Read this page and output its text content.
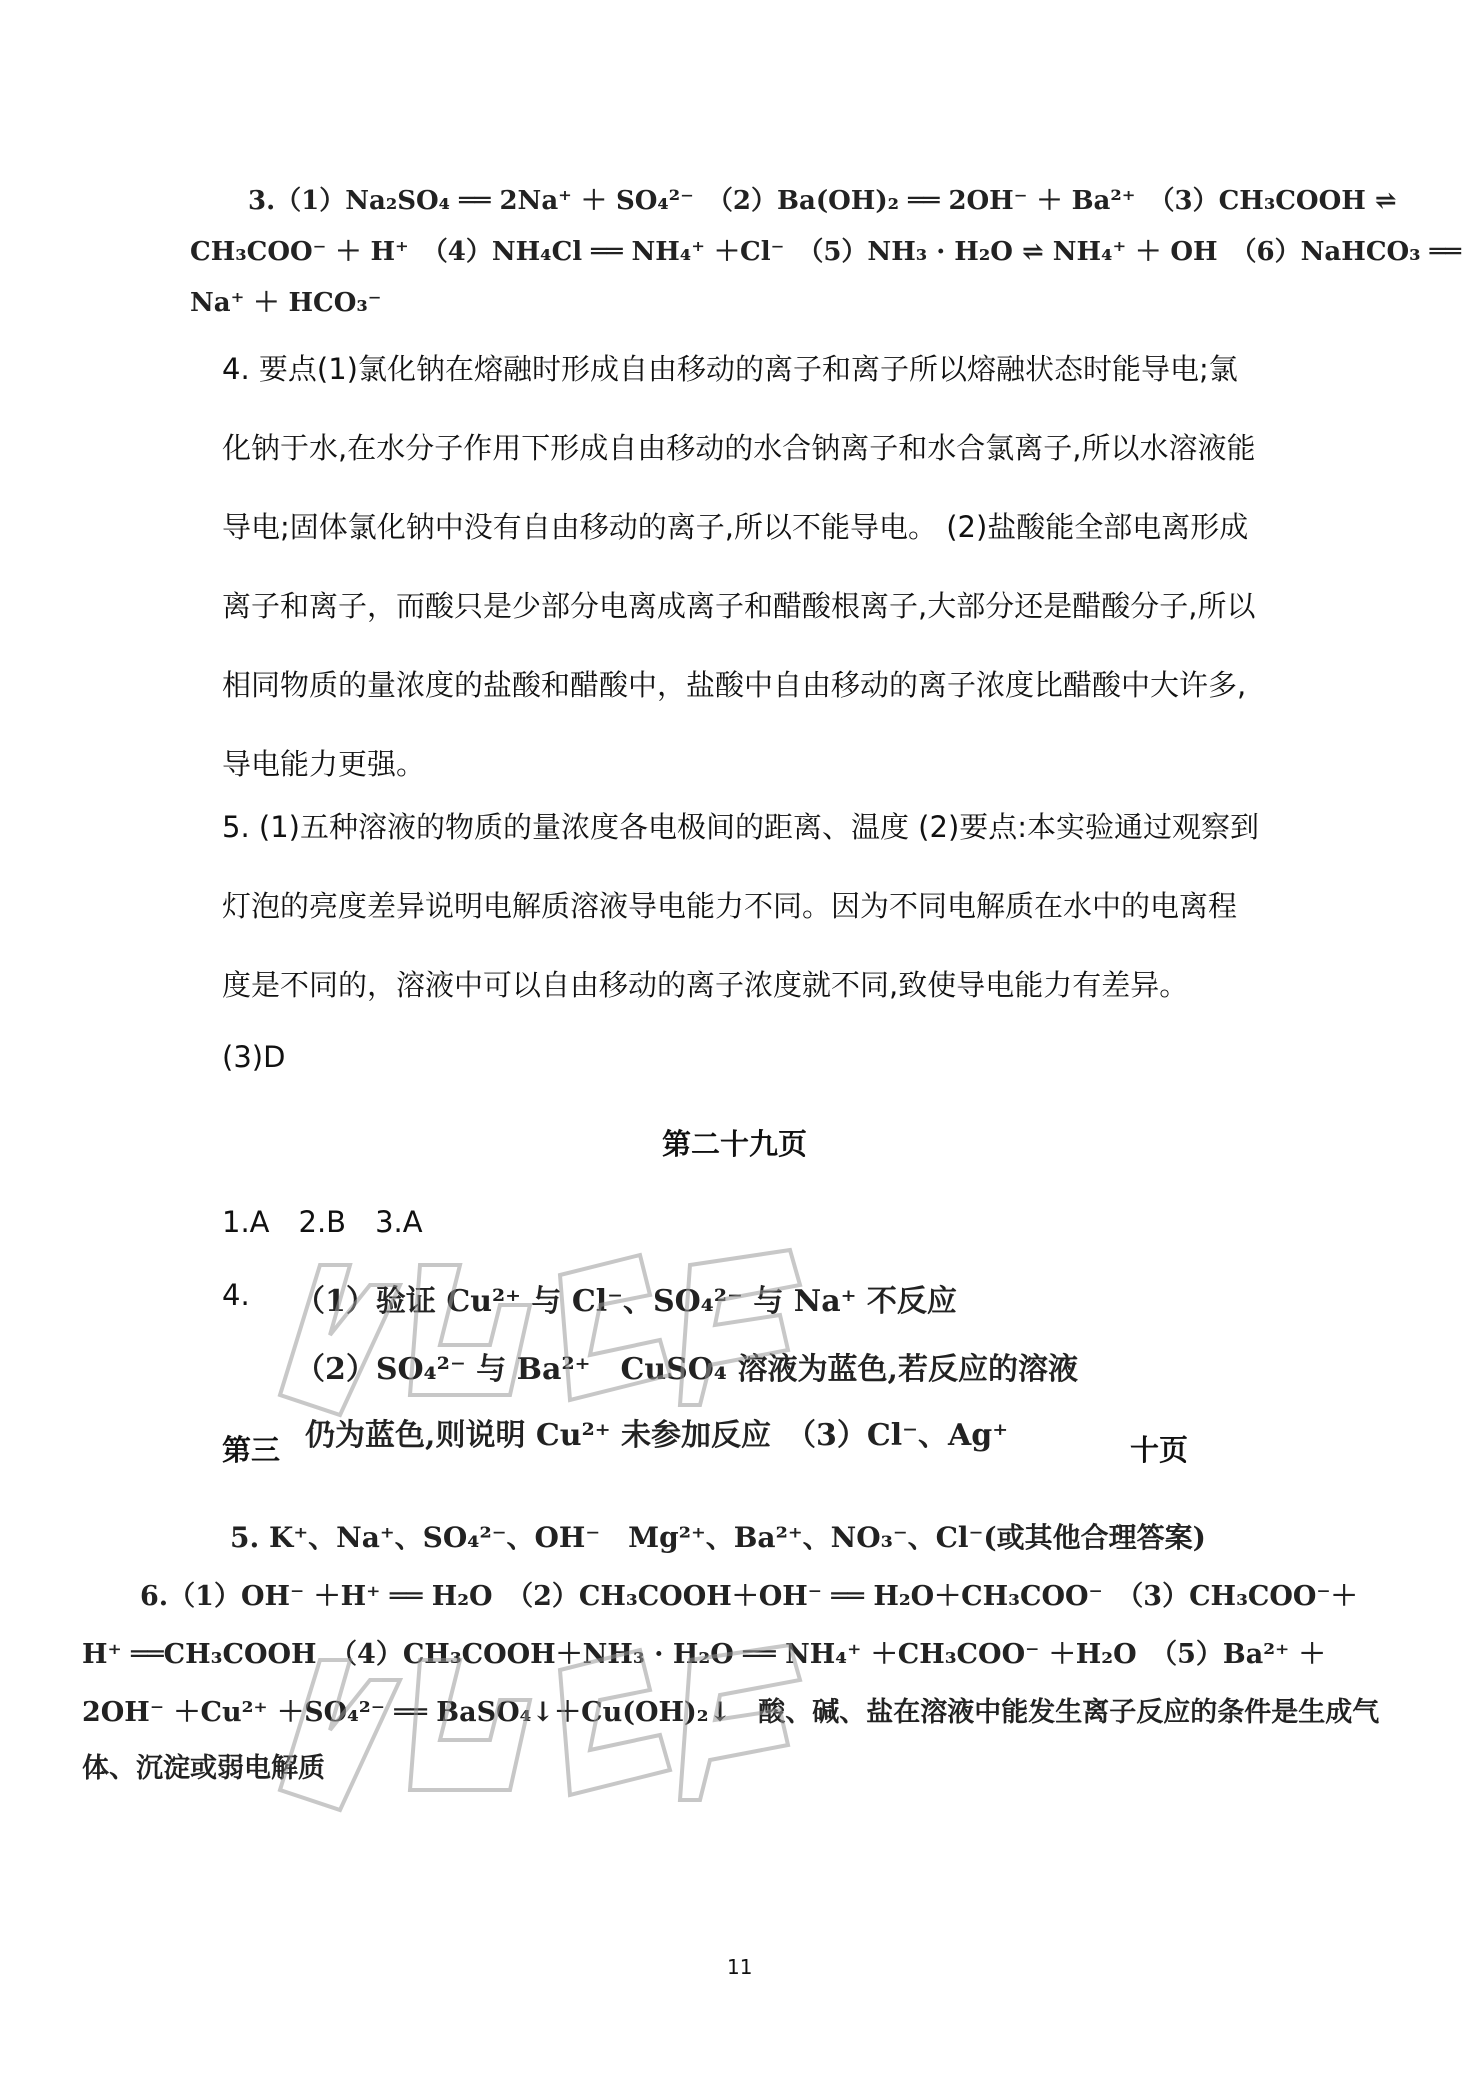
3.（1）Na₂SO₄ ══ 2Na⁺ ＋ SO₄²⁻　（2）Ba(OH)₂ ══ 2OH⁻ ＋ Ba²⁺　（3）CH₃COOH ⇌
CH₃COO⁻ ＋ H⁺　（4）NH₄Cl ══ NH₄⁺ ＋Cl⁻　（5）NH₃ · H₂O ⇌ NH₄⁺ ＋ OH　（6）NaHCO₃ ══
Na⁺ ＋ HCO₃⁻
4. 要点(1)氯化钠在熔融时形成自由移动的离子和离子所以熔融状态时能导电;氯化钠于水,在水分子作用下形成自由移动的水合钠离子和水合氯离子,所以水溶液能导电;固体氯化钠中没有自由移动的离子,所以不能导电。 (2)盐酸能全部电离形成离子和离子，而酸只是少部分电离成离子和醋酸根离子,大部分还是醋酸分子,所以相同物质的量浓度的盐酸和醋酸中，盐酸中自由移动的离子浓度比醋酸中大许多,导电能力更强。
5. (1)五种溶液的物质的量浓度各电极间的距离、温度 (2)要点:本实验通过观察到灯泡的亮度差异说明电解质溶液导电能力不同。因为不同电解质在水中的电离程度是不同的，溶液中可以自由移动的离子浓度就不同,致使导电能力有差异。
(3)D
第二十九页
1.A　2.B　3.A
4. （1）验证 Cu²⁺ 与 Cl⁻、SO₄²⁻ 与 Na⁺ 不反应
（2）SO₄²⁻ 与 Ba²⁺　CuSO₄ 溶液为蓝色,若反应的溶液
仍为蓝色,则说明 Cu²⁺ 未参加反应　（3）Cl⁻、Ag⁺
第三	十页
5. K⁺、Na⁺、SO₄²⁻、OH⁻　Mg²⁺、Ba²⁺、NO₃⁻、Cl⁻(或其他合理答案)
6.（1）OH⁻ ＋H⁺ ══ H₂O　（2）CH₃COOH＋OH⁻ ══ H₂O＋CH₃COO⁻　（3）CH₃COO⁻＋
H⁺ ══CH₃COOH　（4）CH₃COOH＋NH₃ · H₂O ══ NH₄⁺ ＋CH₃COO⁻ ＋H₂O　（5）Ba²⁺ ＋
2OH⁻ ＋Cu²⁺ ＋SO₄²⁻ ══ BaSO₄↓＋Cu(OH)₂↓　酸、碱、盐在溶液中能发生离子反应的条件是生成气
体、沉淀或弱电解质
11
